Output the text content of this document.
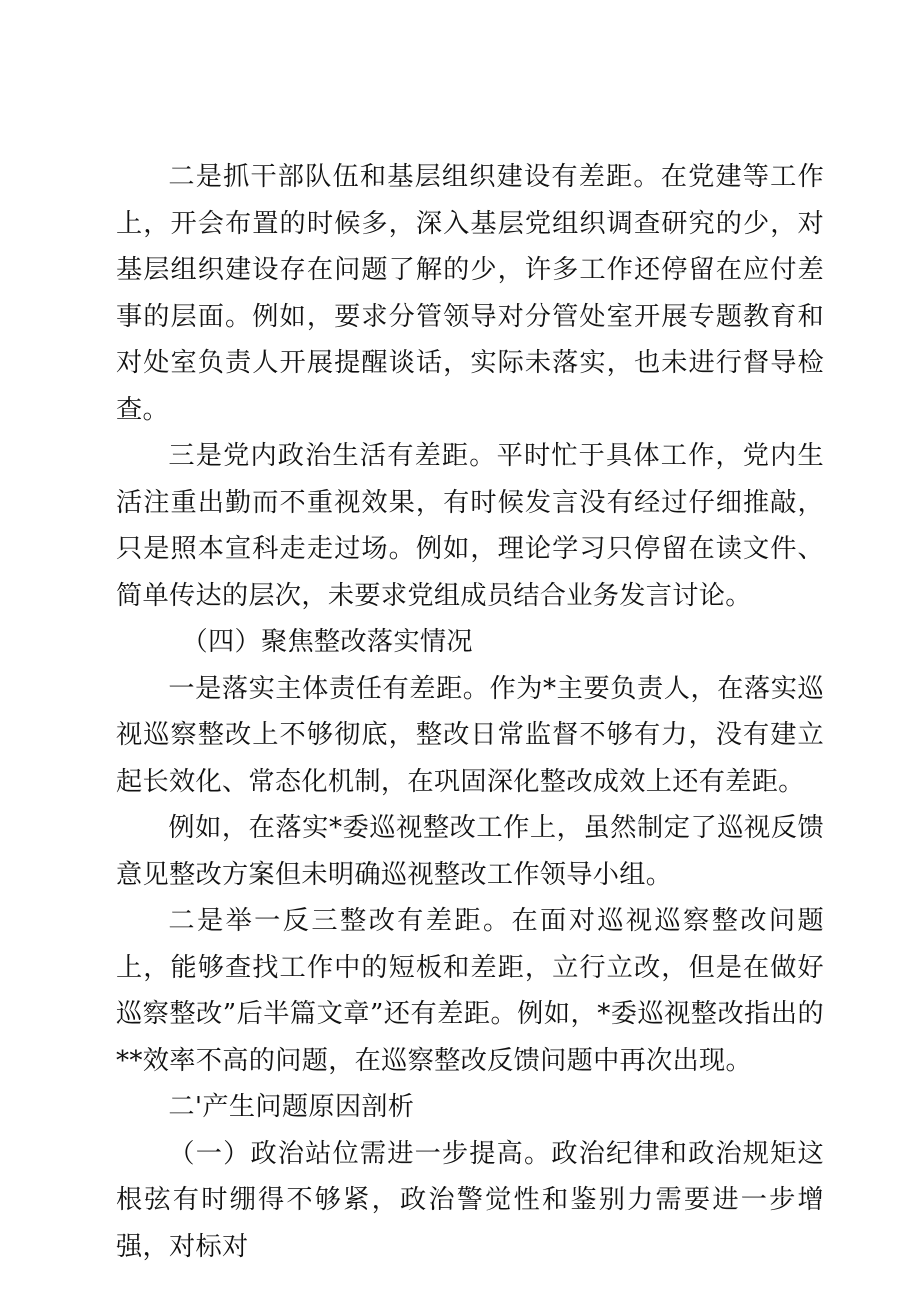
二是抓干部队伍和基层组织建设有差距。在党建等工作上，开会布置的时候多，深入基层党组织调查研究的少，对基层组织建设存在问题了解的少，许多工作还停留在应付差事的层面。例如，要求分管领导对分管处室开展专题教育和对处室负责人开展提醒谈话，实际未落实，也未进行督导检查。

三是党内政治生活有差距。平时忙于具体工作，党内生活注重出勤而不重视效果，有时候发言没有经过仔细推敲，只是照本宣科走走过场。例如，理论学习只停留在读文件、简单传达的层次，未要求党组成员结合业务发言讨论。

（四）聚焦整改落实情况

一是落实主体责任有差距。作为*主要负责人，在落实巡视巡察整改上不够彻底，整改日常监督不够有力，没有建立起长效化、常态化机制，在巩固深化整改成效上还有差距。

例如，在落实*委巡视整改工作上，虽然制定了巡视反馈意见整改方案但未明确巡视整改工作领导小组。

二是举一反三整改有差距。在面对巡视巡察整改问题上，能够查找工作中的短板和差距，立行立改，但是在做好巡察整改”后半篇文章”还有差距。例如，*委巡视整改指出的**效率不高的问题，在巡察整改反馈问题中再次出现。

二'产生问题原因剖析

（一）政治站位需进一步提高。政治纪律和政治规矩这根弦有时绷得不够紧，政治警觉性和鉴别力需要进一步增强，对标对
